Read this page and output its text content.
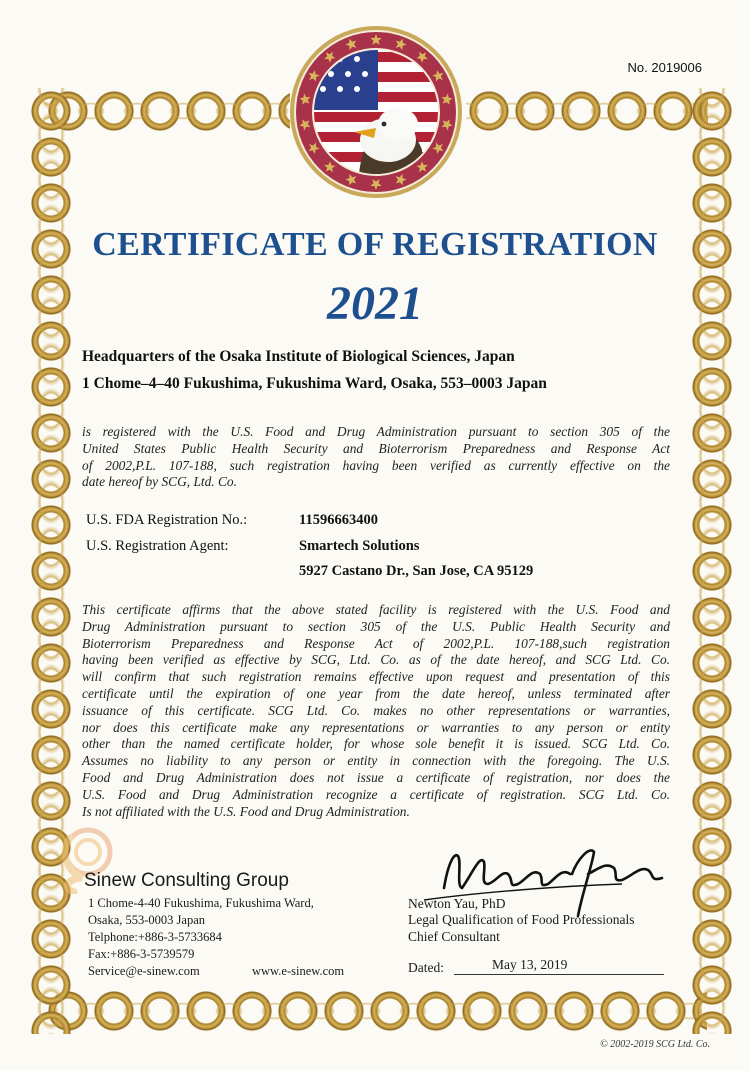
No. 2019006
CERTIFICATE OF REGISTRATION
2021
Headquarters of the Osaka Institute of Biological Sciences, Japan
1 Chome–4–40 Fukushima, Fukushima Ward, Osaka, 553–0003 Japan
is registered with the U.S. Food and Drug Administration pursuant to section 305 of the
United States Public Health Security and Bioterrorism Preparedness and Response Act
of 2002,P.L. 107-188, such registration having been verified as currently effective on the
date hereof by SCG, Ltd. Co.
U.S. FDA Registration No.:	11596663400
U.S. Registration Agent:	Smartech Solutions
5927 Castano Dr., San Jose, CA 95129
This certificate affirms that the above stated facility is registered with the U.S. Food and
Drug Administration pursuant to section 305 of the U.S. Public Health Security and
Bioterrorism Preparedness and Response Act of 2002,P.L. 107-188,such registration
having been verified as effective by SCG, Ltd. Co. as of the date hereof, and SCG Ltd. Co.
will confirm that such registration remains effective upon request and presentation of this
certificate until the expiration of one year from the date hereof, unless terminated after
issuance of this certificate. SCG Ltd. Co. makes no other representations or warranties,
nor does this certificate make any representations or warranties to any person or entity
other than the named certificate holder, for whose sole benefit it is issued. SCG Ltd. Co.
Assumes no liability to any person or entity in connection with the foregoing. The U.S.
Food and Drug Administration does not issue a certificate of registration, nor does the
U.S. Food and Drug Administration recognize a certificate of registration. SCG Ltd. Co.
Is not affiliated with the U.S. Food and Drug Administration.
Sinew Consulting Group
1 Chome-4-40 Fukushima, Fukushima Ward,
Osaka, 553-0003 Japan
Telphone:+886-3-5733684
Fax:+886-3-5739579
Service@e-sinew.com	www.e-sinew.com
Newton Yau, PhD
Legal Qualification of Food Professionals
Chief Consultant
Dated:	May 13, 2019
© 2002-2019 SCG Ltd. Co.
